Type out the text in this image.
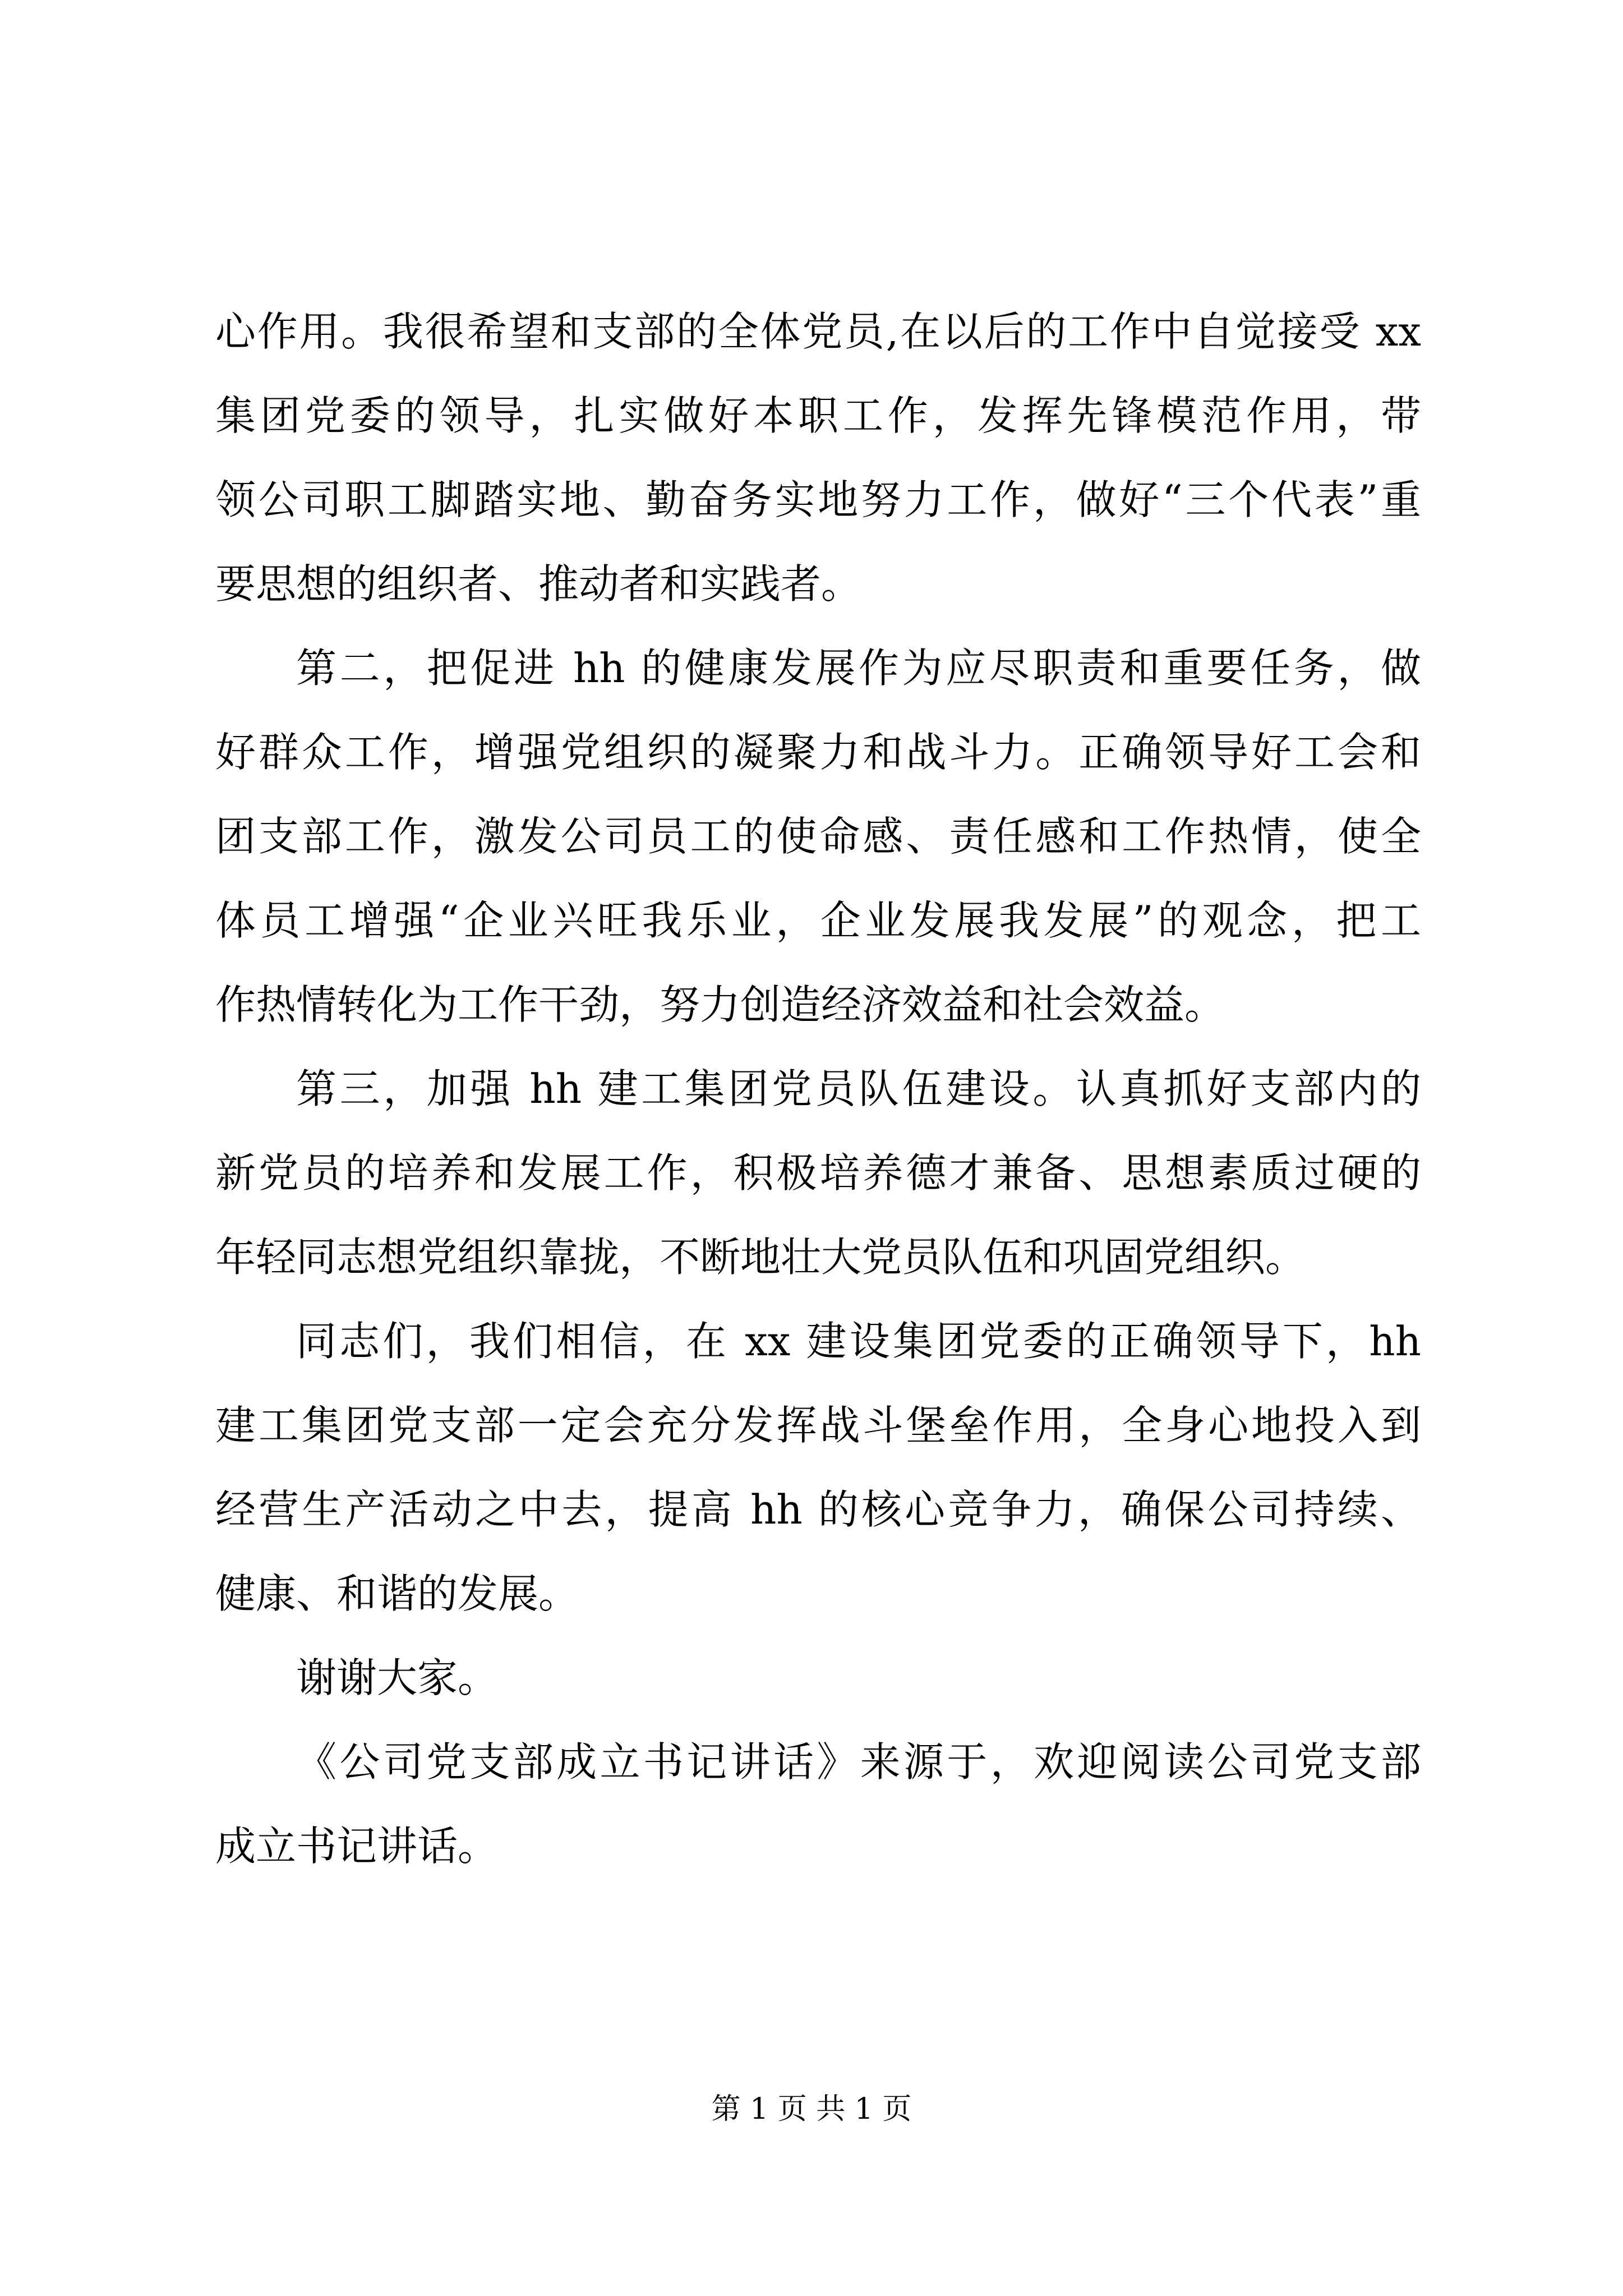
心作用。我很希望和支部的全体党员,在以后的工作中自觉接受 xx
集团党委的领导，扎实做好本职工作，发挥先锋模范作用，带
领公司职工脚踏实地、勤奋务实地努力工作，做好“三个代表”重
要思想的组织者、推动者和实践者。
第二，把促进 hh 的健康发展作为应尽职责和重要任务，做
好群众工作，增强党组织的凝聚力和战斗力。正确领导好工会和
团支部工作，激发公司员工的使命感、责任感和工作热情，使全
体员工增强“企业兴旺我乐业，企业发展我发展”的观念，把工
作热情转化为工作干劲，努力创造经济效益和社会效益。
第三，加强 hh 建工集团党员队伍建设。认真抓好支部内的
新党员的培养和发展工作，积极培养德才兼备、思想素质过硬的
年轻同志想党组织靠拢，不断地壮大党员队伍和巩固党组织。
同志们，我们相信，在 xx 建设集团党委的正确领导下，hh
建工集团党支部一定会充分发挥战斗堡垒作用，全身心地投入到
经营生产活动之中去，提高 hh 的核心竞争力，确保公司持续、
健康、和谐的发展。
谢谢大家。
《公司党支部成立书记讲话》来源于，欢迎阅读公司党支部
成立书记讲话。
第 1 页 共 1 页
